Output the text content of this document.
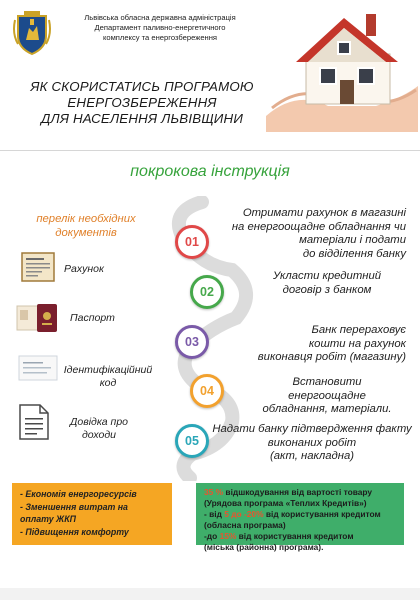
Львівська обласна державна адміністрація
Департамент паливно-енергетичного
комплексу та енергозбереження
ЯК СКОРИСТАТИСЬ ПРОГРАМОЮ
ЕНЕРГОЗБЕРЕЖЕННЯ
ДЛЯ НАСЕЛЕННЯ ЛЬВІВЩИНИ
покрокова інструкція
перелік необхідних
документів
Рахунок
Паспорт
Ідентифікаційний
код
Довідка про
доходи
01
02
03
04
05
Отримати рахунок в магазині
на енергоощадне обладнання чи
матеріали і подати
до відділення банку
Укласти кредитний
договір з банком
Банк перераховує
кошти на рахунок
виконавця робіт (магазину)
Встановити
енергоощадне
обладнання, матеріали.
Надати банку підтвердження факту
виконаних робіт
(акт, накладна)
- Економія енергоресурсів
- Зменшення витрат на
оплату ЖКП
- Підвищення комфорту
35 % відшкодування від вартості товару
(Урядова програма «Теплих Кредитів»)
- від 5 до -20% від користування кредитом
(обласна програма)
-до 15% від користування кредитом
(міська (районна) програма).
